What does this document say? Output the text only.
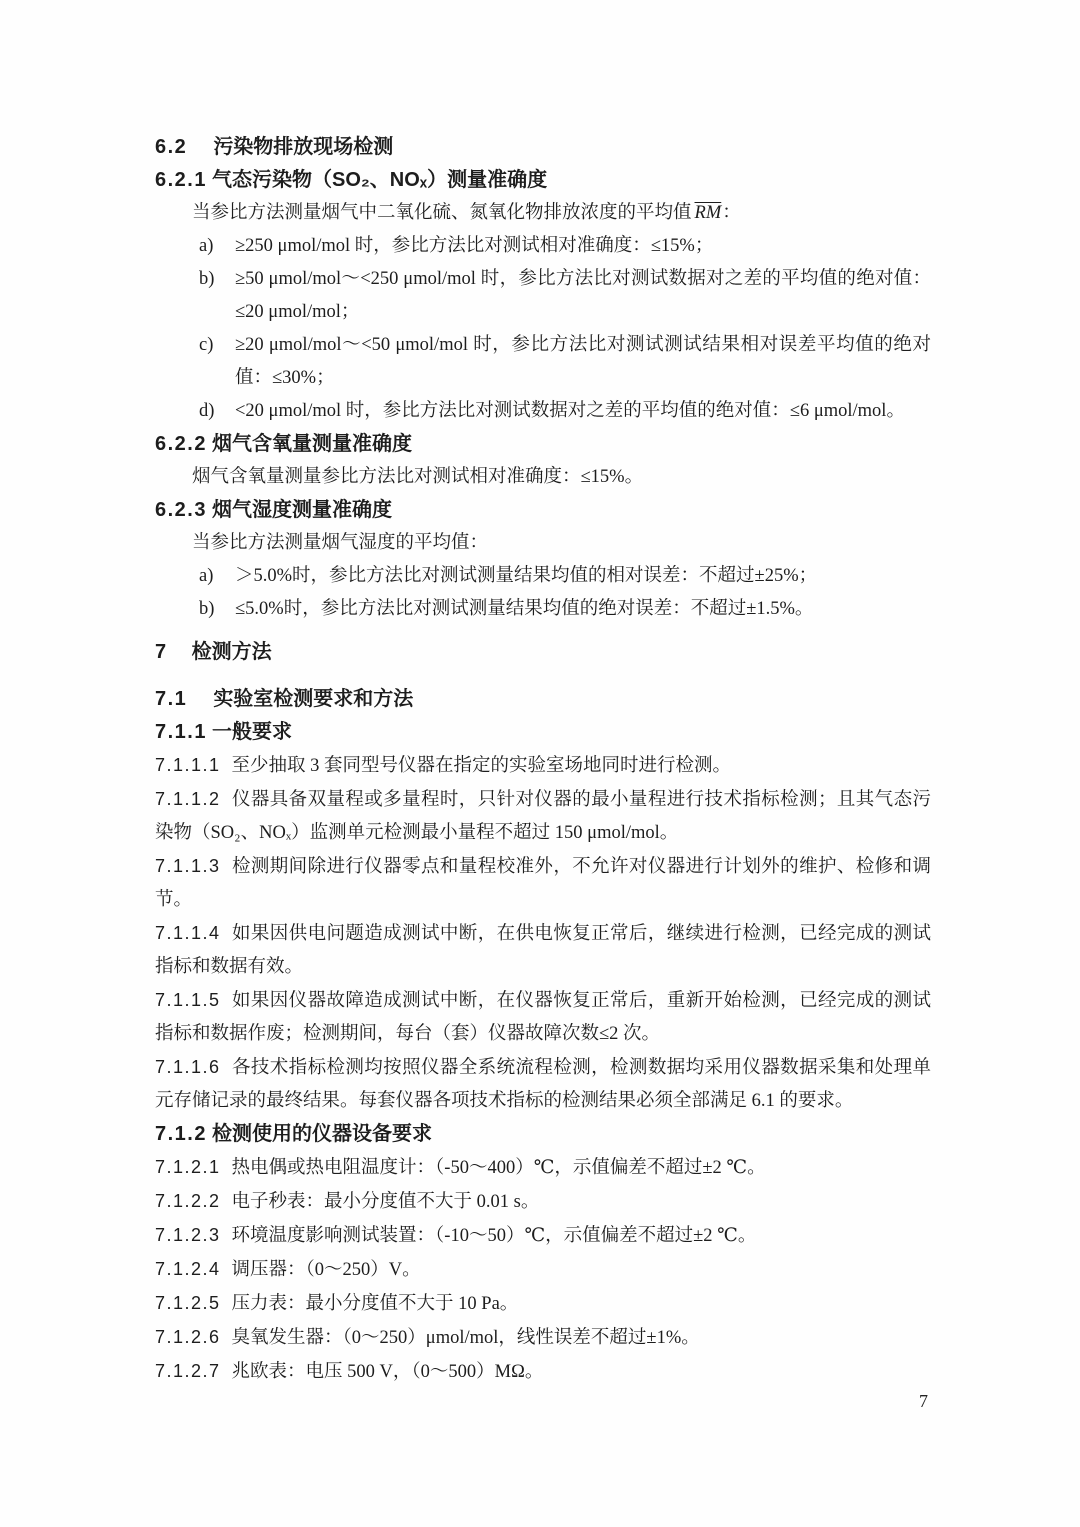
6.2 污染物排放现场检测
6.2.1 气态污染物（SO₂、NOₓ）测量准确度
当参比方法测量烟气中二氧化硫、氮氧化物排放浓度的平均值 $\overline{RM}$：
a) ≥250 μmol/mol 时，参比方法比对测试相对准确度：≤15%；
b) ≥50 μmol/mol～<250 μmol/mol 时，参比方法比对测试数据对之差的平均值的绝对值：≤20 μmol/mol；
c) ≥20 μmol/mol～<50 μmol/mol 时，参比方法比对测试测试结果相对误差平均值的绝对值：≤30%；
d) <20 μmol/mol 时，参比方法比对测试数据对之差的平均值的绝对值：≤6 μmol/mol。
6.2.2 烟气含氧量测量准确度
烟气含氧量测量参比方法比对测试相对准确度：≤15%。
6.2.3 烟气湿度测量准确度
当参比方法测量烟气湿度的平均值：
a) ＞5.0%时，参比方法比对测试测量结果均值的相对误差：不超过±25%；
b) ≤5.0%时，参比方法比对测试测量结果均值的绝对误差：不超过±1.5%。
7 检测方法
7.1 实验室检测要求和方法
7.1.1 一般要求
7.1.1.1 至少抽取 3 套同型号仪器在指定的实验室场地同时进行检测。
7.1.1.2 仪器具备双量程或多量程时，只针对仪器的最小量程进行技术指标检测；且其气态污染物（SO₂、NOₓ）监测单元检测最小量程不超过 150 μmol/mol。
7.1.1.3 检测期间除进行仪器零点和量程校准外，不允许对仪器进行计划外的维护、检修和调节。
7.1.1.4 如果因供电问题造成测试中断，在供电恢复正常后，继续进行检测，已经完成的测试指标和数据有效。
7.1.1.5 如果因仪器故障造成测试中断，在仪器恢复正常后，重新开始检测，已经完成的测试指标和数据作废；检测期间，每台（套）仪器故障次数≤2 次。
7.1.1.6 各技术指标检测均按照仪器全系统流程检测，检测数据均采用仪器数据采集和处理单元存储记录的最终结果。每套仪器各项技术指标的检测结果必须全部满足 6.1 的要求。
7.1.2 检测使用的仪器设备要求
7.1.2.1 热电偶或热电阻温度计：（-50～400）℃，示值偏差不超过±2 ℃。
7.1.2.2 电子秒表：最小分度值不大于 0.01 s。
7.1.2.3 环境温度影响测试装置：（-10～50）℃，示值偏差不超过±2 ℃。
7.1.2.4 调压器：（0～250）V。
7.1.2.5 压力表：最小分度值不大于 10 Pa。
7.1.2.6 臭氧发生器：（0～250）μmol/mol，线性误差不超过±1%。
7.1.2.7 兆欧表：电压 500 V，（0～500）MΩ。
7
